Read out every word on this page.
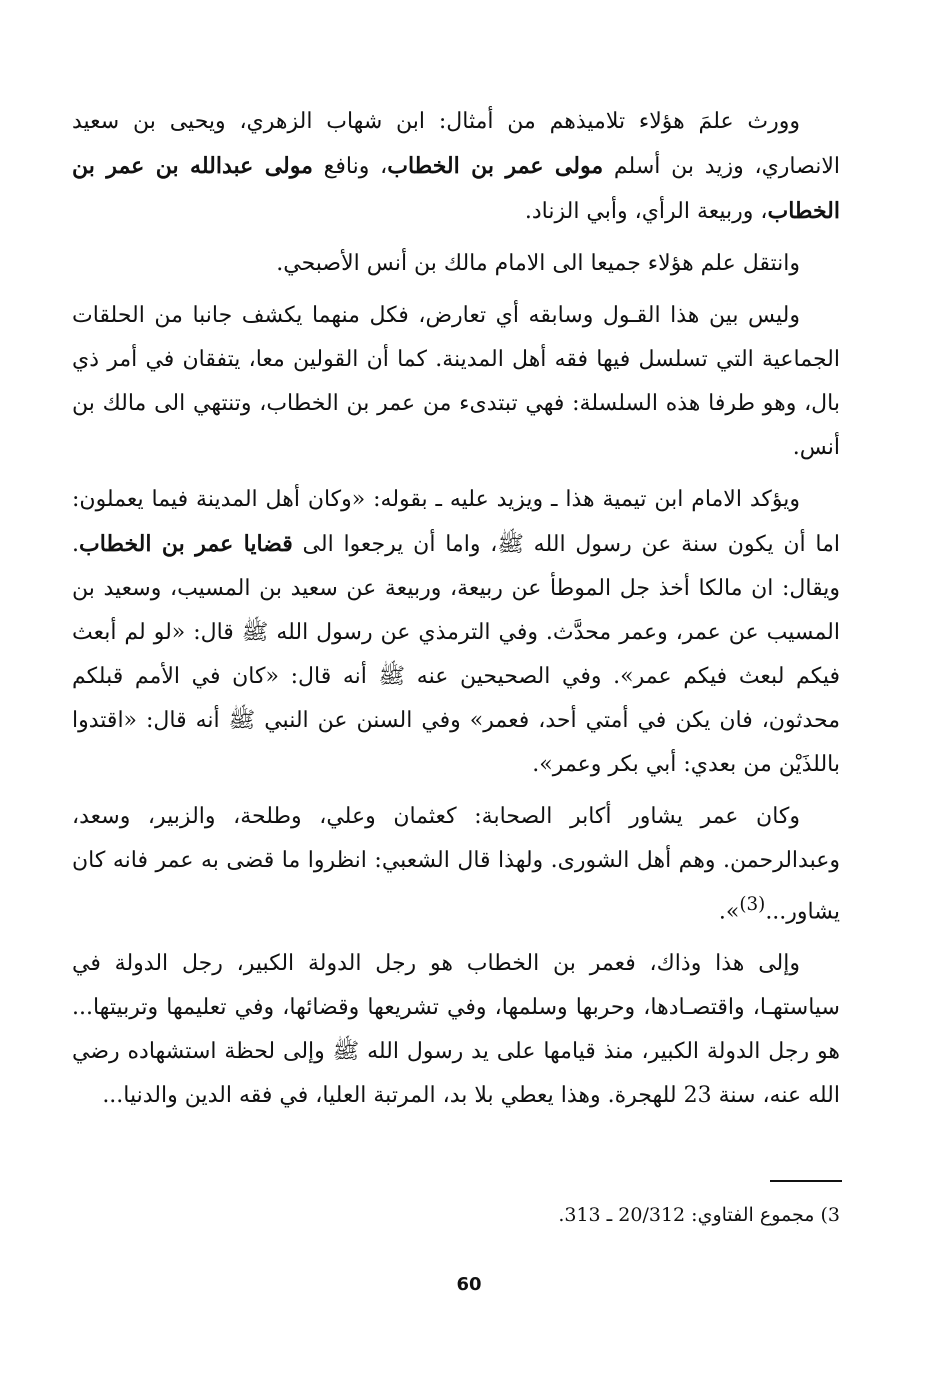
وورث علمَ هؤلاء تلاميذهم من أمثال: ابن شهاب الزهري، ويحيى بن سعيد الانصاري، وزيد بن أسلم مولى عمر بن الخطاب، ونافع مولى عبدالله بن عمر بن الخطاب، وربيعة الرأي، وأبي الزناد.

وانتقل علم هؤلاء جميعا الى الامام مالك بن أنس الأصبحي.

وليس بين هذا القـول وسابقه أي تعارض، فكل منهما يكشف جانبا من الحلقات الجماعية التي تسلسل فيها فقه أهل المدينة. كما أن القولين معا، يتفقان في أمر ذي بال، وهو طرفا هذه السلسلة: فهي تبتدىء من عمر بن الخطاب، وتنتهي الى مالك بن أنس.

ويؤكد الامام ابن تيمية هذا ـ ويزيد عليه ـ بقوله: «وكان أهل المدينة فيما يعملون: اما أن يكون سنة عن رسول الله ﷺ، واما أن يرجعوا الى قضايا عمر بن الخطاب. ويقال: ان مالكا أخذ جل الموطأ عن ربيعة، وربيعة عن سعيد بن المسيب، وسعيد بن المسيب عن عمر، وعمر محدَّث. وفي الترمذي عن رسول الله ﷺ قال: «لو لم أبعث فيكم لبعث فيكم عمر». وفي الصحيحين عنه ﷺ أنه قال: «كان في الأمم قبلكم محدثون، فان يكن في أمتي أحد، فعمر» وفي السنن عن النبي ﷺ أنه قال: «اقتدوا باللذَيْن من بعدي: أبي بكر وعمر».

وكان عمر يشاور أكابر الصحابة: كعثمان وعلي، وطلحة، والزبير، وسعد، وعبدالرحمن. وهم أهل الشورى. ولهذا قال الشعبي: انظروا ما قضى به عمر فانه كان يشاور...$^{(3)}$».

وإلى هذا وذاك، فعمر بن الخطاب هو رجل الدولة الكبير، رجل الدولة في سياستهـا، واقتصـادها، وحربها وسلمها، وفي تشريعها وقضائها، وفي تعليمها وتربيتها... هو رجل الدولة الكبير، منذ قيامها على يد رسول الله ﷺ وإلى لحظة استشهاده رضي الله عنه، سنة 23 للهجرة. وهذا يعطي بلا بد، المرتبة العليا، في فقه الدين والدنيا...

3) مجموع الفتاوي: 20/312 ـ 313.
60
